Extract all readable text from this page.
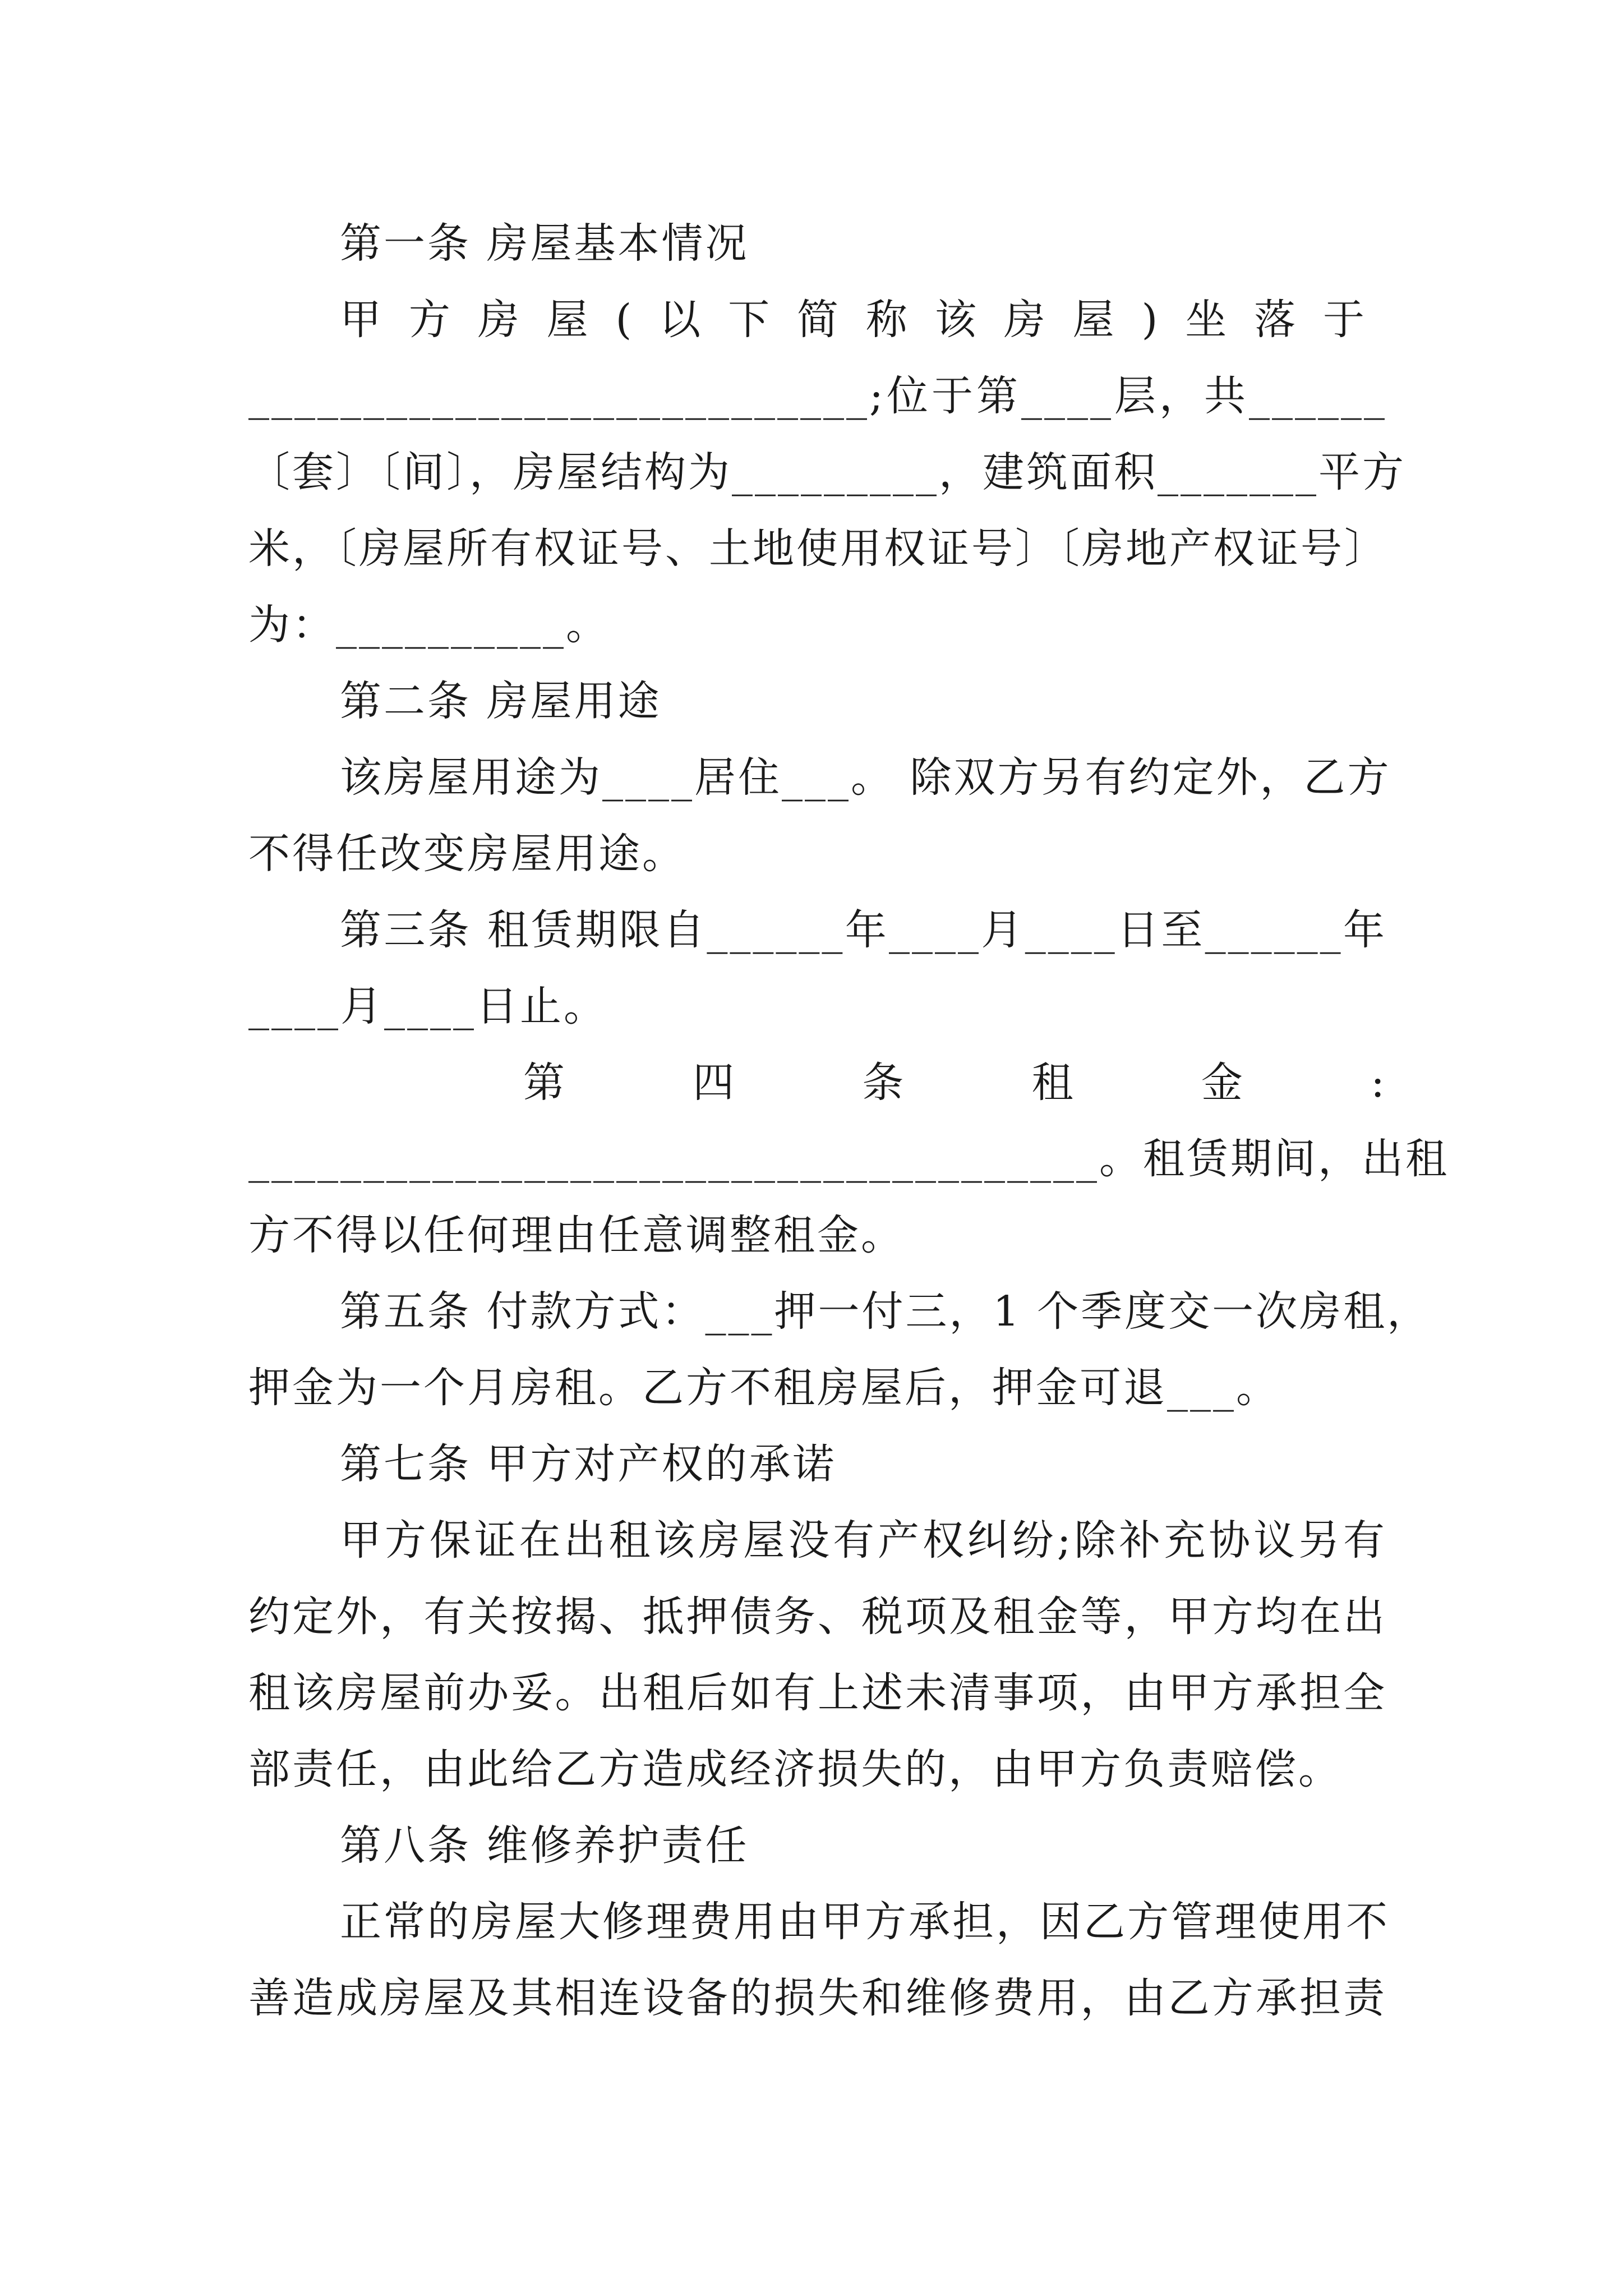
第一条 房屋基本情况
甲方房屋(以下简称该房屋)坐落于
___________________________;位于第____层，共______
〔套〕〔间〕，房屋结构为_________，建筑面积_______平方
米，〔房屋所有权证号、土地使用权证号〕〔房地产权证号〕
为：__________。
第二条 房屋用途
该房屋用途为____居住___。 除双方另有约定外，乙方
不得任改变房屋用途。
第三条 租赁期限自______年____月____日至______年
____月____日止。
第 四 条 租 金 :
_____________________________________。租赁期间，出租
方不得以任何理由任意调整租金。
第五条 付款方式：___押一付三，1 个季度交一次房租，
押金为一个月房租。乙方不租房屋后，押金可退___。
第七条 甲方对产权的承诺
甲方保证在出租该房屋没有产权纠纷;除补充协议另有
约定外，有关按揭、抵押债务、税项及租金等，甲方均在出
租该房屋前办妥。出租后如有上述未清事项，由甲方承担全
部责任，由此给乙方造成经济损失的，由甲方负责赔偿。
第八条 维修养护责任
正常的房屋大修理费用由甲方承担，因乙方管理使用不
善造成房屋及其相连设备的损失和维修费用，由乙方承担责
